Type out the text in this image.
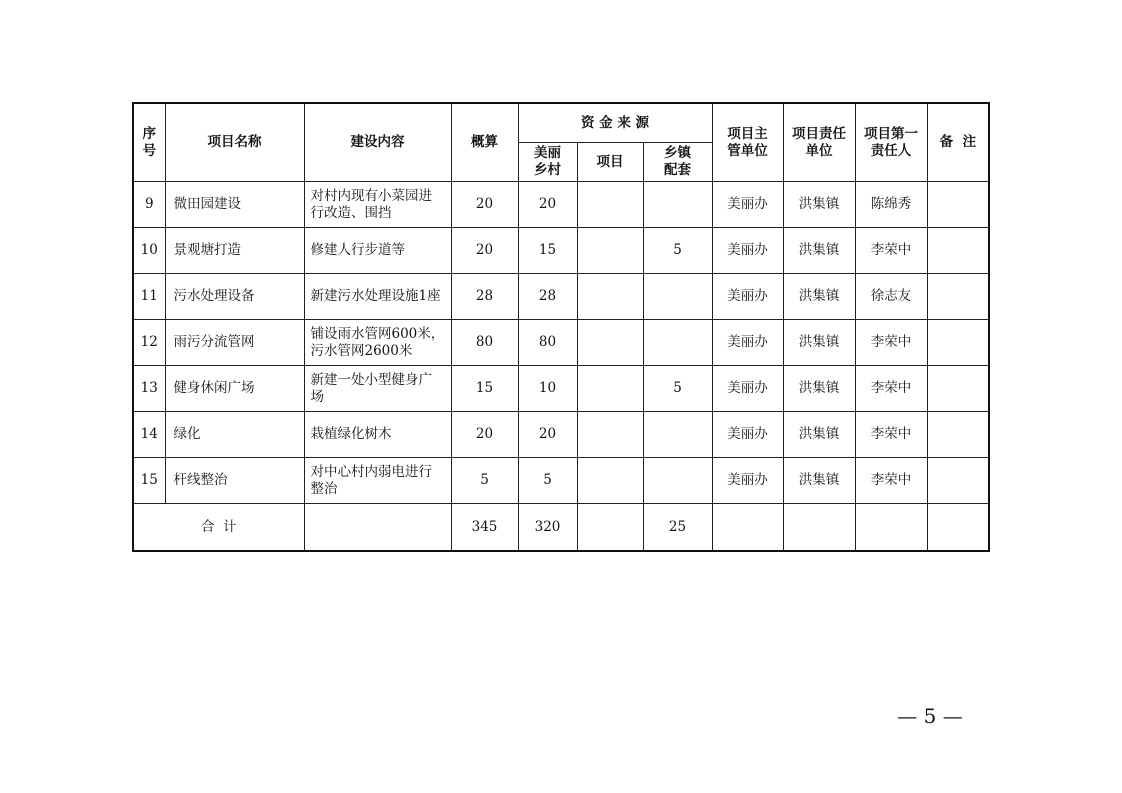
序号	项目名称	建设内容	概算	资 金 来 源			项目主管单位	项目责任单位	项目第一责任人	备  注
				美丽乡村	项目	乡镇配套				
9	微田园建设	对村内现有小菜园进行改造、围挡	20	20			美丽办	洪集镇	陈绵秀	
10	景观塘打造	修建人行步道等	20	15		5	美丽办	洪集镇	李荣中	
11	污水处理设备	新建污水处理设施1座	28	28			美丽办	洪集镇	徐志友	
12	雨污分流管网	铺设雨水管网600米，污水管网2600米	80	80			美丽办	洪集镇	李荣中	
13	健身休闲广场	新建一处小型健身广场	15	10		5	美丽办	洪集镇	李荣中	
14	绿化	栽植绿化树木	20	20			美丽办	洪集镇	李荣中	
15	杆线整治	对中心村内弱电进行整治	5	5			美丽办	洪集镇	李荣中	
合  计			345	320		25				
— 5 —
